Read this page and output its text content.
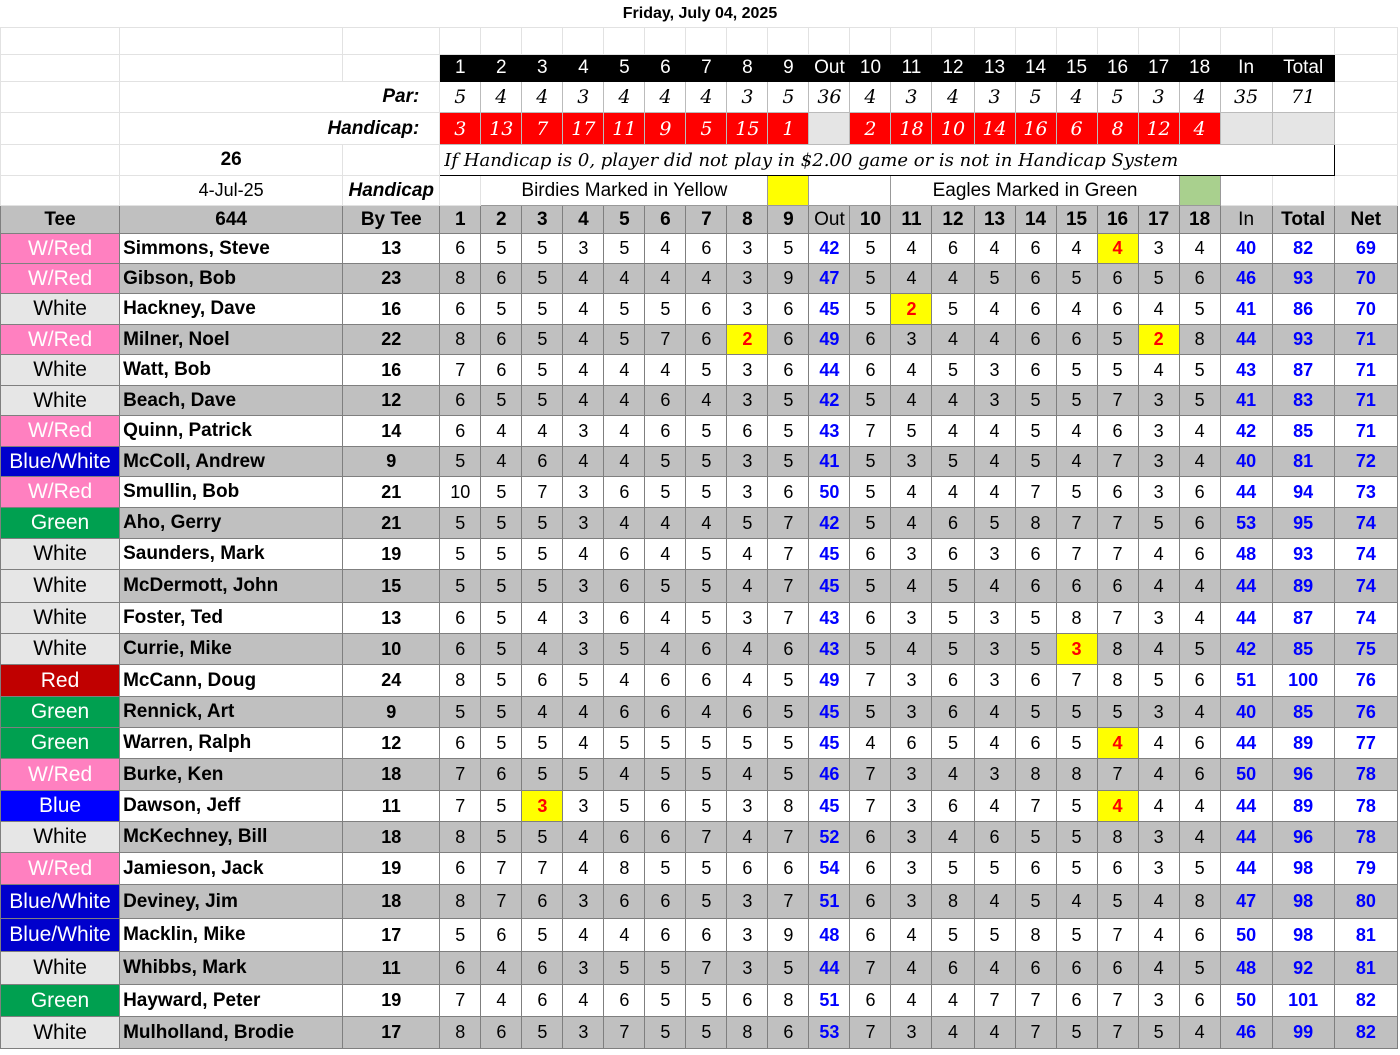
Friday, July 04, 2025

			1	2	3	4	5	6	7	8	9	Out	10	11	12	13	14	15	16	17	18	In	Total	
	Par:		5	4	4	3	4	4	4	3	5	36	4	3	4	3	5	4	5	3	4	35	71	
	Handicap:		3	13	7	17	11	9	5	15	1		2	18	10	14	16	6	8	12	4			
	26		If Handicap is 0, player did not play in $2.00 game or is not in Handicap System																					
	4-Jul-25	Handicap		Birdies Marked in Yellow										Eagles Marked in Green										
Tee	644	By Tee	1	2	3	4	5	6	7	8	9	Out	10	11	12	13	14	15	16	17	18	In	Total	Net
W/Red	Simmons, Steve	13	6	5	5	3	5	4	6	3	5	42	5	4	6	4	6	4	4	3	4	40	82	69
W/Red	Gibson, Bob	23	8	6	5	4	4	4	4	3	9	47	5	4	4	5	6	5	6	5	6	46	93	70
White	Hackney, Dave	16	6	5	5	4	5	5	6	3	6	45	5	2	5	4	6	4	6	4	5	41	86	70
W/Red	Milner, Noel	22	8	6	5	4	5	7	6	2	6	49	6	3	4	4	6	6	5	2	8	44	93	71
White	Watt, Bob	16	7	6	5	4	4	4	5	3	6	44	6	4	5	3	6	5	5	4	5	43	87	71
White	Beach, Dave	12	6	5	5	4	4	6	4	3	5	42	5	4	4	3	5	5	7	3	5	41	83	71
W/Red	Quinn, Patrick	14	6	4	4	3	4	6	5	6	5	43	7	5	4	4	5	4	6	3	4	42	85	71
Blue/White	McColl, Andrew	9	5	4	6	4	4	5	5	3	5	41	5	3	5	4	5	4	7	3	4	40	81	72
W/Red	Smullin, Bob	21	10	5	7	3	6	5	5	3	6	50	5	4	4	4	7	5	6	3	6	44	94	73
Green	Aho, Gerry	21	5	5	5	3	4	4	4	5	7	42	5	4	6	5	8	7	7	5	6	53	95	74
White	Saunders, Mark	19	5	5	5	4	6	4	5	4	7	45	6	3	6	3	6	7	7	4	6	48	93	74
White	McDermott, John	15	5	5	5	3	6	5	5	4	7	45	5	4	5	4	6	6	6	4	4	44	89	74
White	Foster, Ted	13	6	5	4	3	6	4	5	3	7	43	6	3	5	3	5	8	7	3	4	44	87	74
White	Currie, Mike	10	6	5	4	3	5	4	6	4	6	43	5	4	5	3	5	3	8	4	5	42	85	75
Red	McCann, Doug	24	8	5	6	5	4	6	6	4	5	49	7	3	6	3	6	7	8	5	6	51	100	76
Green	Rennick, Art	9	5	5	4	4	6	6	4	6	5	45	5	3	6	4	5	5	5	3	4	40	85	76
Green	Warren, Ralph	12	6	5	5	4	5	5	5	5	5	45	4	6	5	4	6	5	4	4	6	44	89	77
W/Red	Burke, Ken	18	7	6	5	5	4	5	5	4	5	46	7	3	4	3	8	8	7	4	6	50	96	78
Blue	Dawson, Jeff	11	7	5	3	3	5	6	5	3	8	45	7	3	6	4	7	5	4	4	4	44	89	78
White	McKechney, Bill	18	8	5	5	4	6	6	7	4	7	52	6	3	4	6	5	5	8	3	4	44	96	78
W/Red	Jamieson, Jack	19	6	7	7	4	8	5	5	6	6	54	6	3	5	5	6	5	6	3	5	44	98	79
Blue/White	Deviney, Jim	18	8	7	6	3	6	6	5	3	7	51	6	3	8	4	5	4	5	4	8	47	98	80
Blue/White	Macklin, Mike	17	5	6	5	4	4	6	6	3	9	48	6	4	5	5	8	5	7	4	6	50	98	81
White	Whibbs, Mark	11	6	4	6	3	5	5	7	3	5	44	7	4	6	4	6	6	6	4	5	48	92	81
Green	Hayward, Peter	19	7	4	6	4	6	5	5	6	8	51	6	4	4	7	7	6	7	3	6	50	101	82
White	Mulholland, Brodie	17	8	6	5	3	7	5	5	8	6	53	7	3	4	4	7	5	7	5	4	46	99	82
